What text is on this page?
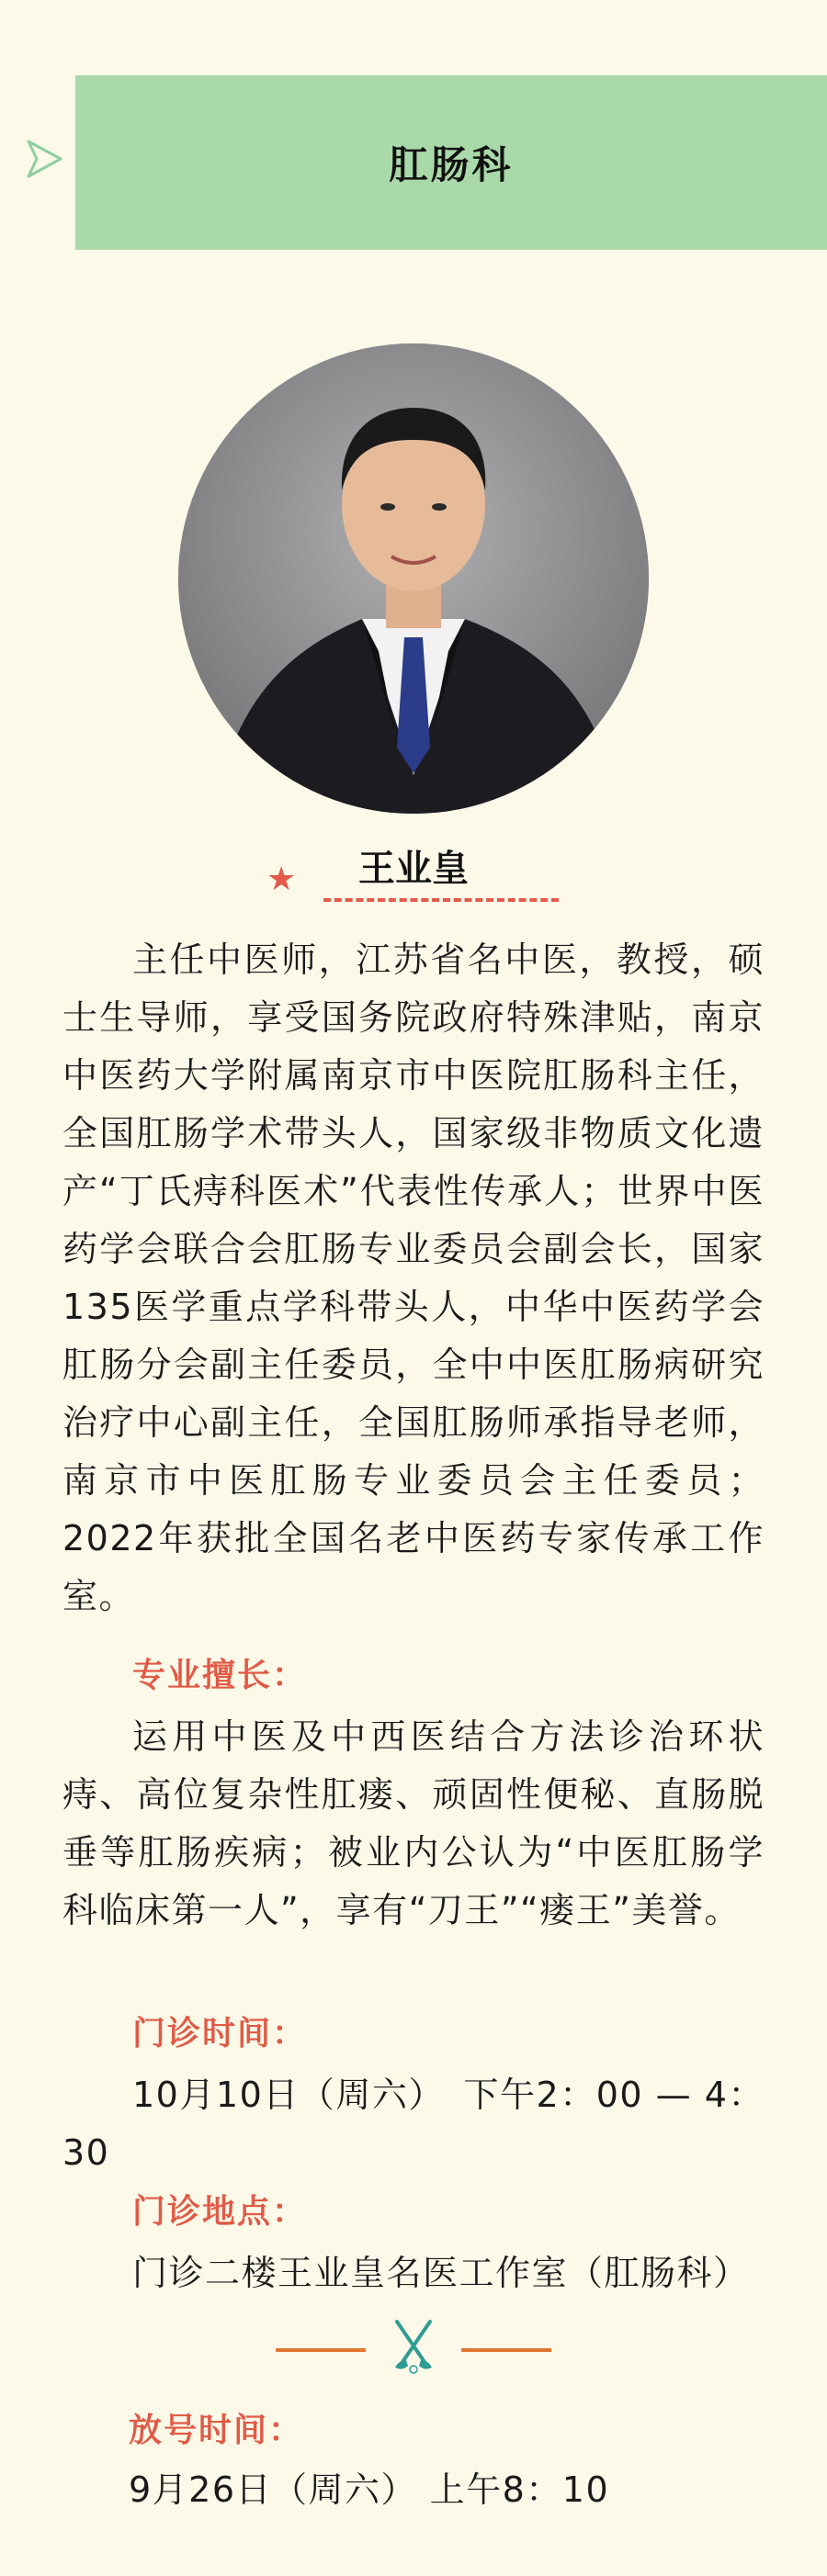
肛肠科
★	王业皇

主任中医师，江苏省名中医，教授，硕士生导师，享受国务院政府特殊津贴，南京中医药大学附属南京市中医院肛肠科主任，全国肛肠学术带头人，国家级非物质文化遗产“丁氏痔科医术”代表性传承人；世界中医药学会联合会肛肠专业委员会副会长，国家135医学重点学科带头人，中华中医药学会肛肠分会副主任委员，全中中医肛肠病研究治疗中心副主任，全国肛肠师承指导老师，南京市中医肛肠专业委员会主任委员；2022年获批全国名老中医药专家传承工作室。

专业擅长：

运用中医及中西医结合方法诊治环状痔、高位复杂性肛瘘、顽固性便秘、直肠脱垂等肛肠疾病；被业内公认为“中医肛肠学科临床第一人”，享有“刀王”“瘘王”美誉。

门诊时间：

10月10日（周六）　下午2：00 — 4：30

门诊地点：

门诊二楼王业皇名医工作室（肛肠科）

放号时间：

9月26日（周六） 上午8：10
